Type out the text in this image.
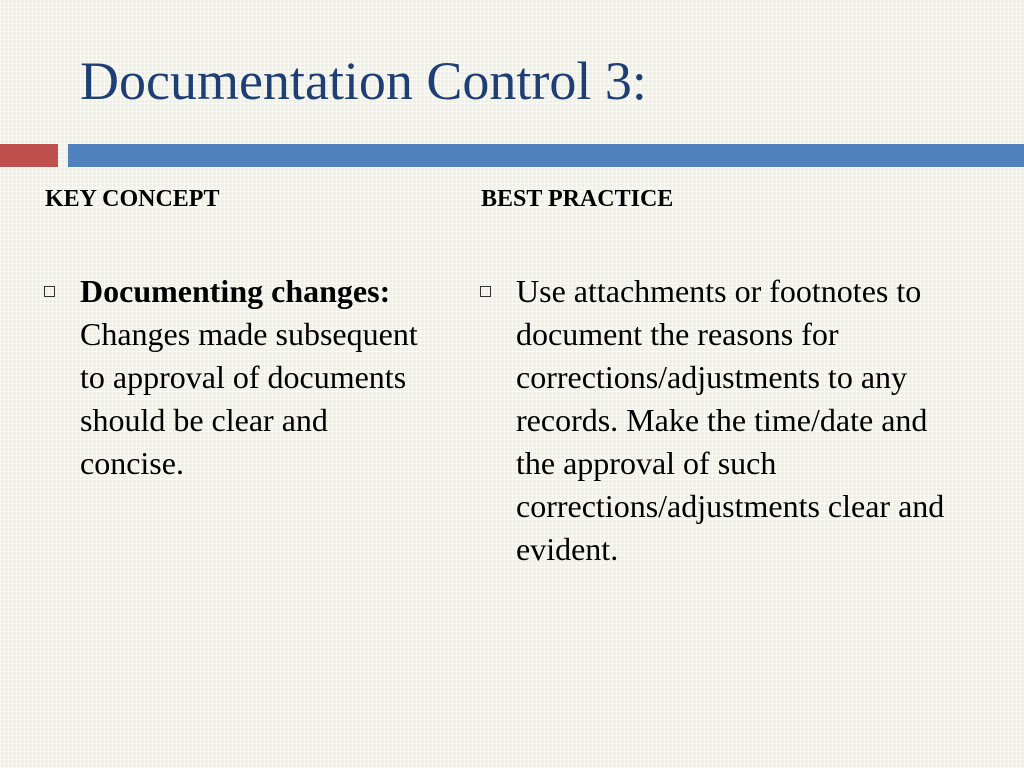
Documentation Control 3:
KEY CONCEPT	BEST PRACTICE
Documenting changes: Changes made subsequent to approval of documents should be clear and concise.
Use attachments or footnotes to document the reasons for corrections/adjustments to any records. Make the time/date and the approval of such corrections/adjustments clear and evident.
